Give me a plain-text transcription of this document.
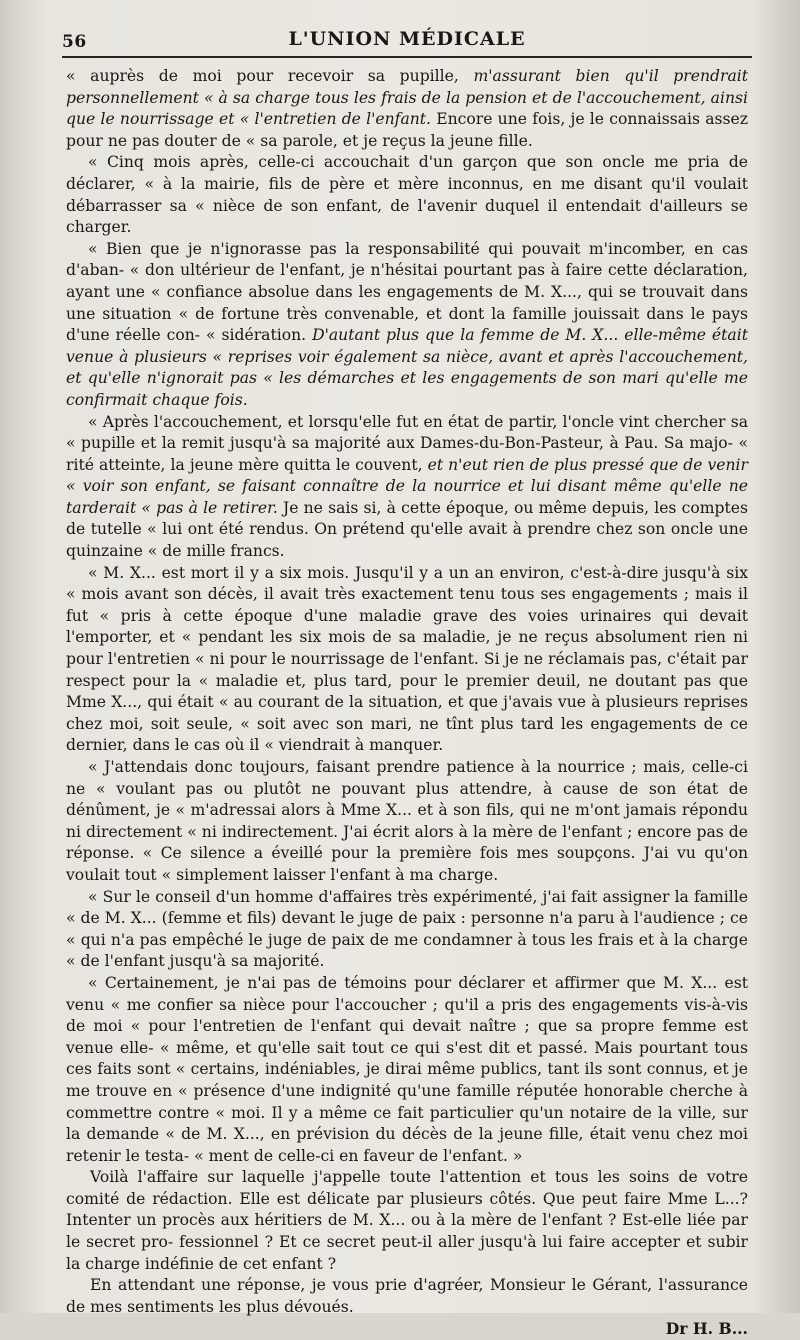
56	L'UNION MÉDICALE

« auprès de moi pour recevoir sa pupille, m'assurant bien qu'il prendrait personnellement « à sa charge tous les frais de la pension et de l'accouchement, ainsi que le nourrissage et « l'entretien de l'enfant. Encore une fois, je le connaissais assez pour ne pas douter de « sa parole, et je reçus la jeune fille.

« Cinq mois après, celle-ci accouchait d'un garçon que son oncle me pria de déclarer, « à la mairie, fils de père et mère inconnus, en me disant qu'il voulait débarrasser sa « nièce de son enfant, de l'avenir duquel il entendait d'ailleurs se charger.

« Bien que je n'ignorasse pas la responsabilité qui pouvait m'incomber, en cas d'aban- « don ultérieur de l'enfant, je n'hésitai pourtant pas à faire cette déclaration, ayant une « confiance absolue dans les engagements de M. X..., qui se trouvait dans une situation « de fortune très convenable, et dont la famille jouissait dans le pays d'une réelle con- « sidération. D'autant plus que la femme de M. X... elle-même était venue à plusieurs « reprises voir également sa nièce, avant et après l'accouchement, et qu'elle n'ignorait pas « les démarches et les engagements de son mari qu'elle me confirmait chaque fois.

« Après l'accouchement, et lorsqu'elle fut en état de partir, l'oncle vint chercher sa « pupille et la remit jusqu'à sa majorité aux Dames-du-Bon-Pasteur, à Pau. Sa majo- « rité atteinte, la jeune mère quitta le couvent, et n'eut rien de plus pressé que de venir « voir son enfant, se faisant connaître de la nourrice et lui disant même qu'elle ne tarderait « pas à le retirer. Je ne sais si, à cette époque, ou même depuis, les comptes de tutelle « lui ont été rendus. On prétend qu'elle avait à prendre chez son oncle une quinzaine « de mille francs.

« M. X... est mort il y a six mois. Jusqu'il y a un an environ, c'est-à-dire jusqu'à six « mois avant son décès, il avait très exactement tenu tous ses engagements ; mais il fut « pris à cette époque d'une maladie grave des voies urinaires qui devait l'emporter, et « pendant les six mois de sa maladie, je ne reçus absolument rien ni pour l'entretien « ni pour le nourrissage de l'enfant. Si je ne réclamais pas, c'était par respect pour la « maladie et, plus tard, pour le premier deuil, ne doutant pas que Mme X..., qui était « au courant de la situation, et que j'avais vue à plusieurs reprises chez moi, soit seule, « soit avec son mari, ne tînt plus tard les engagements de ce dernier, dans le cas où il « viendrait à manquer.

« J'attendais donc toujours, faisant prendre patience à la nourrice ; mais, celle-ci ne « voulant pas ou plutôt ne pouvant plus attendre, à cause de son état de dénûment, je « m'adressai alors à Mme X... et à son fils, qui ne m'ont jamais répondu ni directement « ni indirectement. J'ai écrit alors à la mère de l'enfant ; encore pas de réponse. « Ce silence a éveillé pour la première fois mes soupçons. J'ai vu qu'on voulait tout « simplement laisser l'enfant à ma charge.

« Sur le conseil d'un homme d'affaires très expérimenté, j'ai fait assigner la famille « de M. X... (femme et fils) devant le juge de paix : personne n'a paru à l'audience ; ce « qui n'a pas empêché le juge de paix de me condamner à tous les frais et à la charge « de l'enfant jusqu'à sa majorité.

« Certainement, je n'ai pas de témoins pour déclarer et affirmer que M. X... est venu « me confier sa nièce pour l'accoucher ; qu'il a pris des engagements vis-à-vis de moi « pour l'entretien de l'enfant qui devait naître ; que sa propre femme est venue elle- « même, et qu'elle sait tout ce qui s'est dit et passé. Mais pourtant tous ces faits sont « certains, indéniables, je dirai même publics, tant ils sont connus, et je me trouve en « présence d'une indignité qu'une famille réputée honorable cherche à commettre contre « moi. Il y a même ce fait particulier qu'un notaire de la ville, sur la demande « de M. X..., en prévision du décès de la jeune fille, était venu chez moi retenir le testa- « ment de celle-ci en faveur de l'enfant. »

Voilà l'affaire sur laquelle j'appelle toute l'attention et tous les soins de votre comité de rédaction. Elle est délicate par plusieurs côtés. Que peut faire Mme L...? Intenter un procès aux héritiers de M. X... ou à la mère de l'enfant ? Est-elle liée par le secret pro- fessionnel ? Et ce secret peut-il aller jusqu'à lui faire accepter et subir la charge indéfinie de cet enfant ?

En attendant une réponse, je vous prie d'agréer, Monsieur le Gérant, l'assurance de mes sentiments les plus dévoués.

Dr H. B...
